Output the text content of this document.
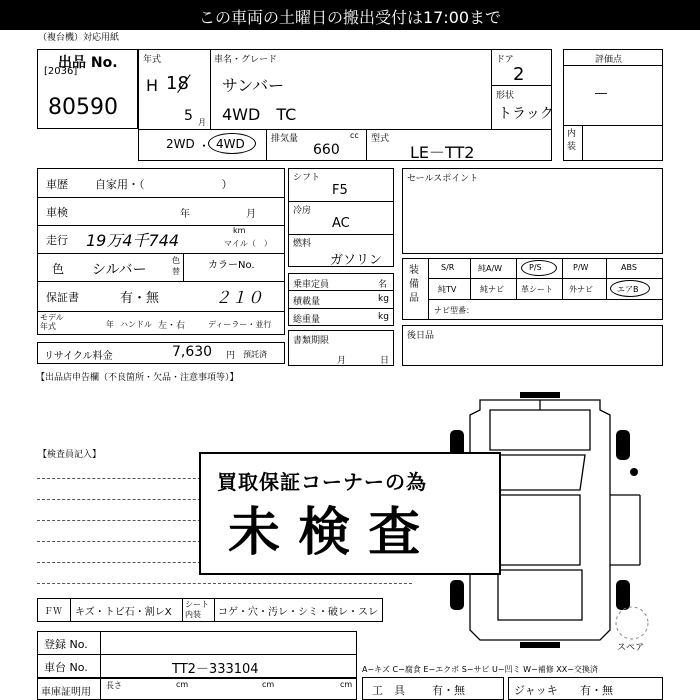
この車両の土曜日の搬出受付は17:00まで
（複台機）対応用紙
出品 No.
[2036]
80590
年式
H 18
5 月
車名・グレード
サンバー
4WD　TC
ドア
2
形状
トラック
2WD ・ 4WD	排気量	cc
660
型式
LE－TT2
評価点
―
内装
車歴 自家用・（　　　　　　　）
車検	年	月
走行 19万4千744
km
マイル（　）
色 シルバー
色替
カラーNo.
保証書	有・無	２１０
モデル年式	年 ハンドル 左・右	ディーラー・並行
リサイクル料金	7,630 円 預託済
シフト
F5
冷房
AC
燃料
ガソリン
乗車定員	名
積載量	kg
総重量	kg
書類期限
月	日
セールスポイント
装備品
S/R	純A/W	P/S	P/W	ABS
純TV	純ナビ 革シート 外ナビ	エアB
ナビ型番：
後日品
【出品店申告欄（不良箇所・欠品・注意事項等）】
【検査員記入】
スペア
買取保証コーナーの為
未 検 査
ＦＷ キズ・トビ石・割レX
シート内装	コゲ・穴・汚レ・シミ・破レ・スレ
登録 No.
車台 No.	TT2－333104
車庫証明用
長さ	cm	cm	cm
A−キズ C−腐食 E−エクボ S−サビ U−凹ミ W−補修 XX−交換済
工　具 有・無	ジャッキ 有・無
